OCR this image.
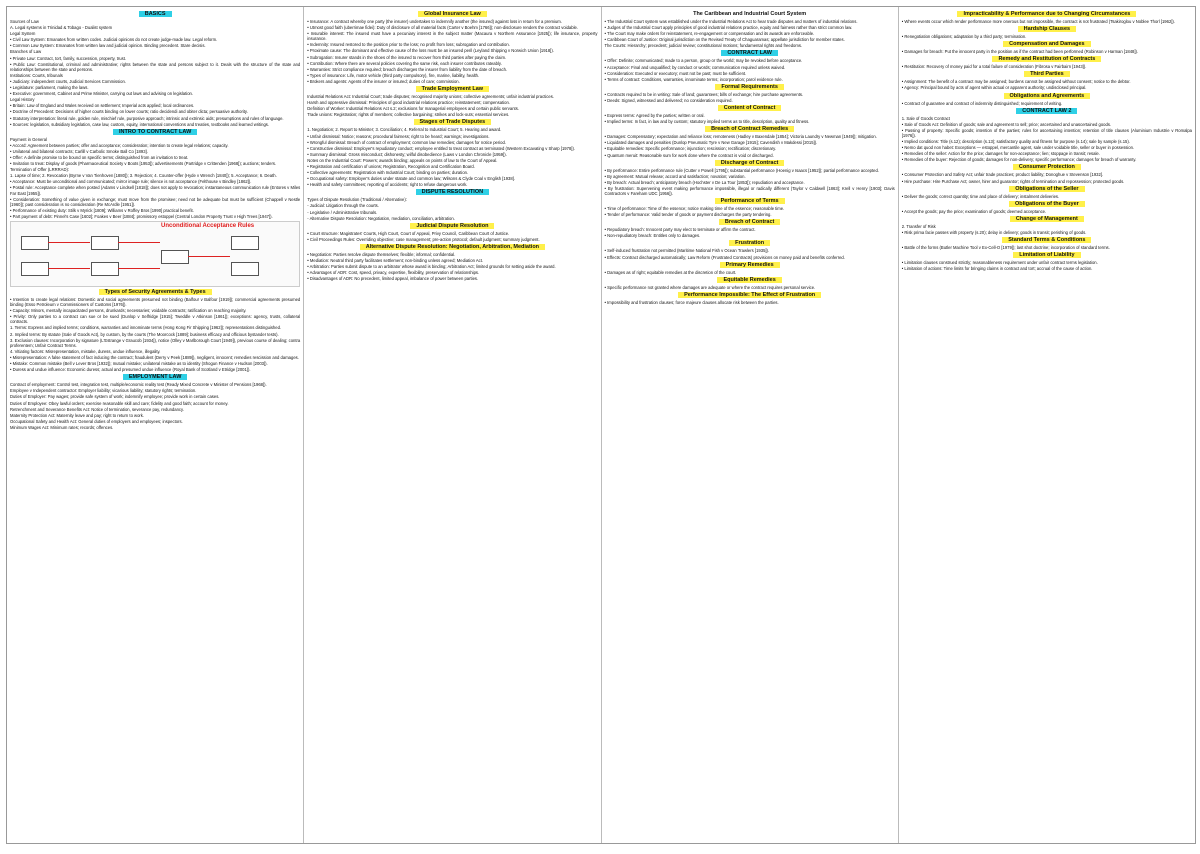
BASICS
Sources of Law
A. Legal systems in Trinidad & Tobago - Dualist system
Legal System
• Civil Law System: Emanates from written codes. Judicial opinions do not create judge-made law. Legal reform.
• Common Law System: Emanates from written law and judicial opinion. Binding precedent. Stare decisis.
Branches of Law
• Private Law: Contract, tort, family, succession, property, trust.
• Public Law: Constitutional, criminal and administrative; rights between the state and persons subject to it. Deals with the structure of the state and relationships between the state and persons.
Institutions: Courts, tribunals
• Judiciary: independent courts, Judicial Services Commission.
• Legislature: parliament, making the laws.
• Executive: government, Cabinet and Prime Minister, carrying out laws and advising on legislation.
Legal History
• Britain: Law of England and Wales received on settlement; Imperial acts applied; local ordinances.
• Doctrine of Precedent: Decisions of higher courts binding on lower courts; ratio decidendi and obiter dicta; persuasive authority.
• Statutory interpretation: literal rule, golden rule, mischief rule, purposive approach; intrinsic and extrinsic aids; presumptions and rules of language.
• Sources: legislation, subsidiary legislation, case law, custom, equity, international conventions and treaties, textbooks and learned writings.
INTRO TO CONTRACT LAW
Payment in General
• Accord: Agreement between parties; offer and acceptance; consideration; intention to create legal relations; capacity.
• Unilateral and bilateral contracts; Carlill v Carbolic Smoke Ball Co [1893].
• Offer: A definite promise to be bound on specific terms; distinguished from an invitation to treat.
• Invitation to treat: Display of goods (Pharmaceutical Society v Boots [1953]); advertisements (Partridge v Crittenden [1968]); auctions; tenders.
Termination of Offer (LRRRAD):
1. Lapse of time; 2. Revocation (Byrne v Van Tienhoven [1880]); 3. Rejection; 4. Counter-offer (Hyde v Wrench [1840]); 5. Acceptance; 6. Death.
• Acceptance: Must be unconditional and communicated; mirror image rule; silence is not acceptance (Felthouse v Bindley [1862]).
• Postal rule: Acceptance complete when posted (Adams v Lindsell [1818]); does not apply to revocation; instantaneous communication rule (Entores v Miles Far East [1955]).
• Consideration: Something of value given in exchange; must move from the promisee; need not be adequate but must be sufficient (Chappell v Nestle [1960]); past consideration is no consideration (Re McArdle [1951]).
• Performance of existing duty: Stilk v Myrick [1809]; Williams v Roffey Bros [1990] practical benefit.
• Part payment of debt: Pinnel's Case [1602]; Foakes v Beer [1884]; promissory estoppel (Central London Property Trust v High Trees [1947]).
Unconditional Acceptance Rules
Types of Security Agreements & Types
• Intention to create legal relations: Domestic and social agreements presumed not binding (Balfour v Balfour [1919]); commercial agreements presumed binding (Esso Petroleum v Commissioners of Customs [1976]).
• Capacity: Minors, mentally incapacitated persons, drunkards; necessaries; voidable contracts; ratification on reaching majority.
• Privity: Only parties to a contract can sue or be sued (Dunlop v Selfridge [1915]; Tweddle v Atkinson [1861]); exceptions: agency, trusts, collateral contracts.
1. Terms: Express and implied terms; conditions, warranties and innominate terms (Hong Kong Fir Shipping [1962]); representations distinguished.
2. Implied terms: By statute (Sale of Goods Act), by custom, by the courts (The Moorcock [1889]; business efficacy and officious bystander tests).
3. Exclusion clauses: Incorporation by signature (L'Estrange v Graucob [1934]), notice (Olley v Marlborough Court [1949]), previous course of dealing; contra proferentem; Unfair Contract Terms.
4. Vitiating factors: Misrepresentation, mistake, duress, undue influence, illegality.
• Misrepresentation: A false statement of fact inducing the contract; fraudulent (Derry v Peek [1889]), negligent, innocent; remedies rescission and damages.
• Mistake: Common mistake (Bell v Lever Bros [1932]); mutual mistake; unilateral mistake as to identity (Shogun Finance v Hudson [2003]).
• Duress and undue influence: Economic duress; actual and presumed undue influence (Royal Bank of Scotland v Etridge [2001]).
EMPLOYMENT LAW
Contract of employment: Control test, integration test, multiple/economic reality test (Ready Mixed Concrete v Minister of Pensions [1968]).
Employee v Independent contractor: Employer liability; vicarious liability; statutory rights; termination.
Duties of Employer: Pay wages; provide safe system of work; indemnify employee; provide work in certain cases.
Duties of Employee: Obey lawful orders; exercise reasonable skill and care; fidelity and good faith; account for money.
Retrenchment and Severance Benefits Act: Notice of termination, severance pay, redundancy.
Maternity Protection Act: Maternity leave and pay; right to return to work.
Occupational Safety and Health Act: General duties of employers and employees; inspectors.
Minimum Wages Act: Minimum rates; records; offences.
Global Insurance Law
• Insurance: A contract whereby one party (the insurer) undertakes to indemnify another (the insured) against loss in return for a premium.
• Utmost good faith (uberrimae fidei): Duty of disclosure of all material facts (Carter v Boehm [1766]); non-disclosure renders the contract voidable.
• Insurable interest: The insured must have a pecuniary interest in the subject matter (Macaura v Northern Assurance [1925]); life insurance, property insurance.
• Indemnity: Insured restored to the position prior to the loss; no profit from loss; subrogation and contribution.
• Proximate cause: The dominant and effective cause of the loss must be an insured peril (Leyland Shipping v Norwich Union [1918]).
• Subrogation: Insurer stands in the shoes of the insured to recover from third parties after paying the claim.
• Contribution: Where there are several policies covering the same risk, each insurer contributes rateably.
• Warranties: Strict compliance required; breach discharges the insurer from liability from the date of breach.
• Types of insurance: Life, motor vehicle (third party compulsory), fire, marine, liability, health.
• Brokers and agents: Agents of the insurer or insured; duties of care; commission.
Trade Employment Law
Industrial Relations Act: Industrial Court; trade disputes; recognised majority unions; collective agreements; unfair industrial practices.
Harsh and oppressive dismissal: Principles of good industrial relations practice; reinstatement; compensation.
Definition of Worker: Industrial Relations Act s.2; exclusions for managerial employees and certain public servants.
Trade unions: Registration; rights of members; collective bargaining; strikes and lock-outs; essential services.
Stages of Trade Disputes
1. Negotiation; 2. Report to Minister; 3. Conciliation; 4. Referral to Industrial Court; 5. Hearing and award.
• Unfair dismissal: Notice; reasons; procedural fairness; right to be heard; warnings; investigations.
• Wrongful dismissal: Breach of contract of employment; common law remedies; damages for notice period.
• Constructive dismissal: Employer's repudiatory conduct; employee entitled to treat contract as terminated (Western Excavating v Sharp [1978]).
• Summary dismissal: Gross misconduct; dishonesty; wilful disobedience (Laws v London Chronicle [1959]).
Notes on the Industrial Court: Powers; awards binding; appeals on points of law to the Court of Appeal.
• Registration and certification of unions; Registration, Recognition and Certification Board.
• Collective agreements: Registration with Industrial Court; binding on parties; duration.
• Occupational safety: Employer's duties under statute and common law; Wilsons & Clyde Coal v English [1938].
• Health and safety committees; reporting of accidents; right to refuse dangerous work.
DISPUTE RESOLUTION
Types of Dispute Resolution (Traditional / Alternative):
- Judicial: Litigation through the courts.
- Legislative / Administrative tribunals.
- Alternative Dispute Resolution: Negotiation, mediation, conciliation, arbitration.
Judicial Dispute Resolution
• Court structure: Magistrates' Courts, High Court, Court of Appeal, Privy Council, Caribbean Court of Justice.
• Civil Proceedings Rules: Overriding objective; case management; pre-action protocol; default judgment; summary judgment.
Alternative Dispute Resolution: Negotiation, Arbitration, Mediation
• Negotiation: Parties resolve dispute themselves; flexible; informal; confidential.
• Mediation: Neutral third party facilitates settlement; non-binding unless agreed; Mediation Act.
• Arbitration: Parties submit dispute to an arbitrator whose award is binding; Arbitration Act; limited grounds for setting aside the award.
• Advantages of ADR: Cost, speed, privacy, expertise, flexibility, preservation of relationships.
• Disadvantages of ADR: No precedent, limited appeal, imbalance of power between parties.
The Caribbean and Industrial Court System
• The Industrial Court system was established under the Industrial Relations Act to hear trade disputes and matters of industrial relations.
• Judges of the Industrial Court apply principles of good industrial relations practice, equity and fairness rather than strict common law.
• The Court may make orders for reinstatement, re-engagement or compensation and its awards are enforceable.
• Caribbean Court of Justice: Original jurisdiction on the Revised Treaty of Chaguaramas; appellate jurisdiction for member states.
The Courts: Hierarchy; precedent; judicial review; constitutional motions; fundamental rights and freedoms.
CONTRACT LAW
• Offer: Definite; communicated; made to a person, group or the world; may be revoked before acceptance.
• Acceptance: Final and unqualified; by conduct or words; communication required unless waived.
• Consideration: Executed or executory; must not be past; must be sufficient.
• Terms of contract: Conditions, warranties, innominate terms; incorporation; parol evidence rule.
Formal Requirements
• Contracts required to be in writing: Sale of land; guarantees; bills of exchange; hire purchase agreements.
• Deeds: Signed, witnessed and delivered; no consideration required.
Content of Contract
• Express terms: Agreed by the parties; written or oral.
• Implied terms: In fact, in law and by custom; statutory implied terms as to title, description, quality and fitness.
Breach of Contract Remedies
• Damages: Compensatory; expectation and reliance loss; remoteness (Hadley v Baxendale [1854]; Victoria Laundry v Newman [1949]); mitigation.
• Liquidated damages and penalties (Dunlop Pneumatic Tyre v New Garage [1915]; Cavendish v Makdessi [2015]).
• Equitable remedies: Specific performance; injunction; rescission; rectification; discretionary.
• Quantum meruit: Reasonable sum for work done where the contract is void or discharged.
Discharge of Contract
• By performance: Entire performance rule (Cutter v Powell [1795]); substantial performance (Hoenig v Isaacs [1952]); partial performance accepted.
• By agreement: Mutual release; accord and satisfaction; novation; variation.
• By breach: Actual breach; anticipatory breach (Hochster v De La Tour [1853]); repudiation and acceptance.
• By frustration: Supervening event making performance impossible, illegal or radically different (Taylor v Caldwell [1863]; Krell v Henry [1903]; Davis Contractors v Fareham UDC [1956]).
Performance of Terms
• Time of performance: Time of the essence; notice making time of the essence; reasonable time.
• Tender of performance: Valid tender of goods or payment discharges the party tendering.
Breach of Contract
• Repudiatory breach: Innocent party may elect to terminate or affirm the contract.
• Non-repudiatory breach: Entitles only to damages.
Frustration
• Self-induced frustration not permitted (Maritime National Fish v Ocean Trawlers [1935]).
• Effects: Contract discharged automatically; Law Reform (Frustrated Contracts) provisions on money paid and benefits conferred.
Primary Remedies
• Damages as of right; equitable remedies at the discretion of the court.
Equitable Remedies
• Specific performance not granted where damages are adequate or where the contract requires personal service.
Performance Impossible: The Effect of Frustration
• Impossibility and frustration clauses; force majeure clauses allocate risk between the parties.
Impracticability & Performance due to Changing Circumstances
• Where events occur which render performance more onerous but not impossible, the contract is not frustrated (Tsakiroglou v Noblee Thorl [1962]).
Hardship Clauses
• Renegotiation obligations; adaptation by a third party; termination.
Compensation and Damages
• Damages for breach: Put the innocent party in the position as if the contract had been performed (Robinson v Harman [1848]).
Remedy and Restitution of Contracts
• Restitution: Recovery of money paid for a total failure of consideration (Fibrosa v Fairbairn [1943]).
Third Parties
• Assignment: The benefit of a contract may be assigned; burdens cannot be assigned without consent; notice to the debtor.
• Agency: Principal bound by acts of agent within actual or apparent authority; undisclosed principal.
Obligations and Agreements
• Contract of guarantee and contract of indemnity distinguished; requirement of writing.
CONTRACT LAW 2
1. Sale of Goods Contract
• Sale of Goods Act: Definition of goods; sale and agreement to sell; price; ascertained and unascertained goods.
• Passing of property: Specific goods; intention of the parties; rules for ascertaining intention; retention of title clauses (Aluminium Industrie v Romalpa [1976]).
• Implied conditions: Title (s.12); description (s.13); satisfactory quality and fitness for purpose (s.14); sale by sample (s.15).
• Nemo dat quod non habet: Exceptions — estoppel, mercantile agent, sale under voidable title, seller or buyer in possession.
• Remedies of the seller: Action for the price; damages for non-acceptance; lien; stoppage in transit; resale.
• Remedies of the buyer: Rejection of goods; damages for non-delivery; specific performance; damages for breach of warranty.
Consumer Protection
• Consumer Protection and Safety Act; unfair trade practices; product liability; Donoghue v Stevenson [1932].
• Hire purchase: Hire Purchase Act; owner, hirer and guarantor; rights of termination and repossession; protected goods.
Obligations of the Seller
• Deliver the goods; correct quantity; time and place of delivery; instalment deliveries.
Obligations of the Buyer
• Accept the goods; pay the price; examination of goods; deemed acceptance.
Change of Management
2. Transfer of Risk
• Risk prima facie passes with property (s.20); delay in delivery; goods in transit; perishing of goods.
Standard Terms & Conditions
• Battle of the forms (Butler Machine Tool v Ex-Cell-O [1979]); last shot doctrine; incorporation of standard terms.
Limitation of Liability
• Limitation clauses construed strictly; reasonableness requirement under unfair contract terms legislation.
• Limitation of actions: Time limits for bringing claims in contract and tort; accrual of the cause of action.
